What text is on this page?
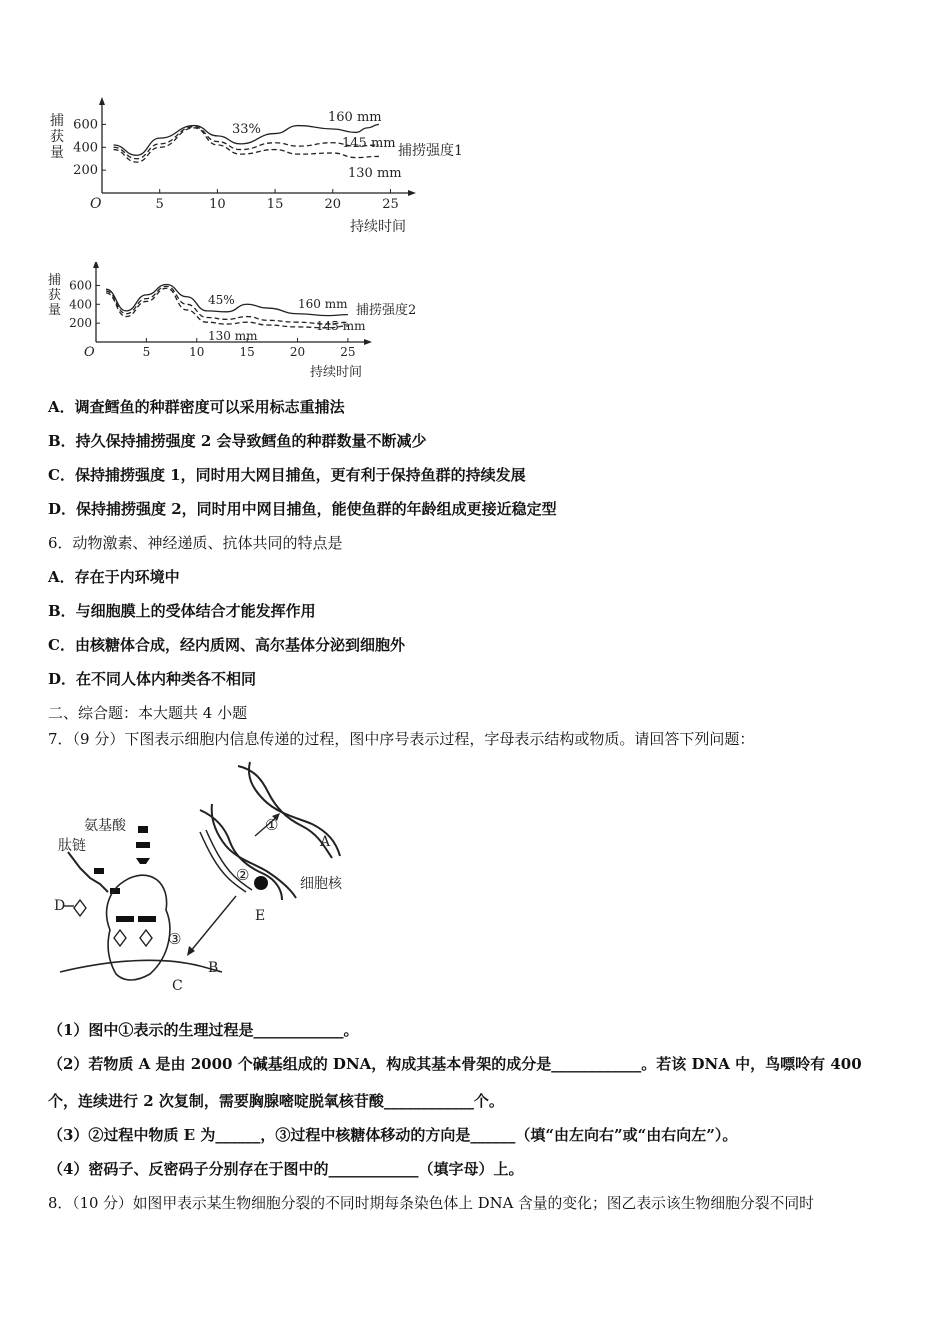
5	10	15	20	25
200
400
600
O
捕获量
持续时间
160 mm
145 mm
130 mm
33%
捕捞强度1
5	10	15	20	25
200
400
600
O
捕获量
持续时间
160 mm
145 mm
130 mm
45%
捕捞强度2
A．调查鳕鱼的种群密度可以采用标志重捕法
B．持久保持捕捞强度 2 会导致鳕鱼的种群数量不断减少
C．保持捕捞强度 1，同时用大网目捕鱼，更有利于保持鱼群的持续发展
D．保持捕捞强度 2，同时用中网目捕鱼，能使鱼群的年龄组成更接近稳定型
6．动物激素、神经递质、抗体共同的特点是
A．存在于内环境中
B．与细胞膜上的受体结合才能发挥作用
C．由核糖体合成，经内质网、高尔基体分泌到细胞外
D．在不同人体内种类各不相同
二、综合题：本大题共 4 小题
7．（9 分）下图表示细胞内信息传递的过程，图中序号表示过程，字母表示结构或物质。请回答下列问题：
①
②
③
A
E
细胞核
氨基酸
肽链
D
B
C
（1）图中①表示的生理过程是____________。
（2）若物质 A 是由 2000 个碱基组成的 DNA，构成其基本骨架的成分是____________。若该 DNA 中，鸟嘌呤有 400
个，连续进行 2 次复制，需要胸腺嘧啶脱氧核苷酸____________个。
（3）②过程中物质 E 为______，③过程中核糖体移动的方向是______（填“由左向右”或“由右向左”）。
（4）密码子、反密码子分别存在于图中的____________（填字母）上。
8．（10 分）如图甲表示某生物细胞分裂的不同时期每条染色体上 DNA 含量的变化；图乙表示该生物细胞分裂不同时
